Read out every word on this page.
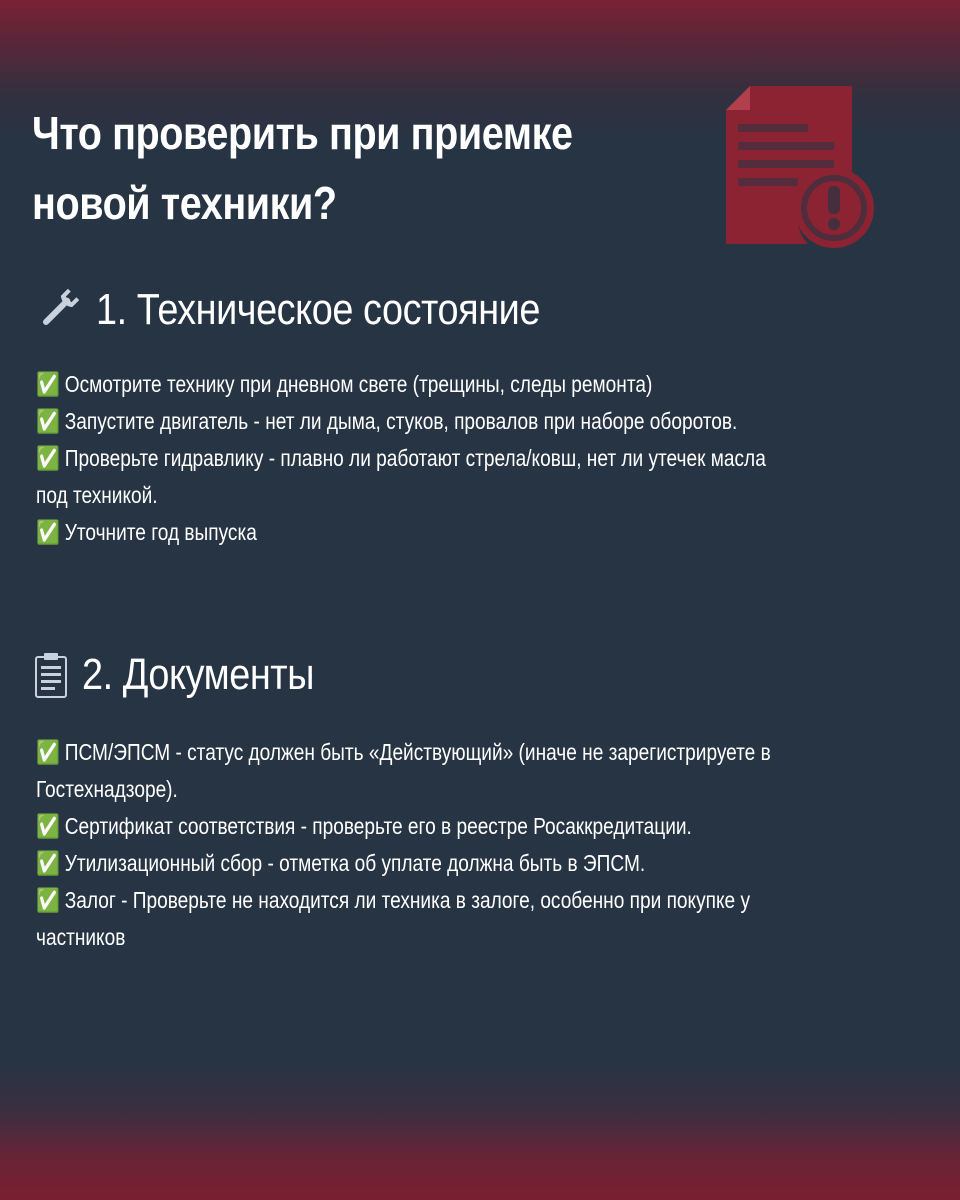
Что проверить при приемке
новой техники?
1. Техническое состояние
✅ Осмотрите технику при дневном свете (трещины, следы ремонта)
✅ Запустите двигатель - нет ли дыма, стуков, провалов при наборе оборотов.
✅ Проверьте гидравлику - плавно ли работают стрела/ковш, нет ли утечек масла под техникой.
✅ Уточните год выпуска
2. Документы
✅ ПСМ/ЭПСМ - статус должен быть «Действующий» (иначе не зарегистрируете в Гостехнадзоре).
✅ Сертификат соответствия - проверьте его в реестре Росаккредитации.
✅ Утилизационный сбор - отметка об уплате должна быть в ЭПСМ.
✅ Залог - Проверьте не находится ли техника в залоге, особенно при покупке у частников
